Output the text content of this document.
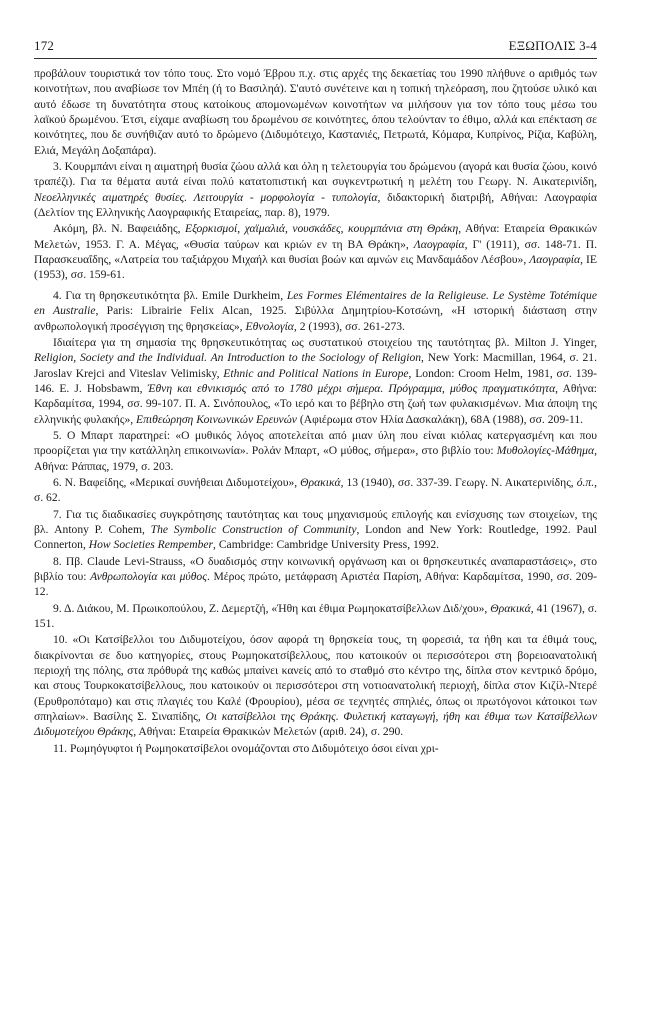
172	ΕΞΩΠΟΛΙΣ 3-4

προβάλουν τουριστικά τον τόπο τους. Στο νομό Έβρου π.χ. στις αρχές της δεκαετίας του 1990 πλήθυνε ο αριθμός των κοινοτήτων, που αναβίωσε τον Μπέη (ή το Βασιληά). Σ'αυτό συνέτεινε και η τοπική τηλεόραση, που ζητούσε υλικό και αυτό έδωσε τη δυνατότητα στους κατοίκους απομονωμένων κοινοτήτων να μιλήσουν για τον τόπο τους μέσω του λαϊκού δρωμένου. Έτσι, είχαμε αναβίωση του δρωμένου σε κοινότητες, όπου τελούνταν το έθιμο, αλλά και επέκταση σε κοινότητες, που δε συνήθιζαν αυτό το δρώμενο (Διδυμότειχο, Καστανιές, Πετρωτά, Κόμαρα, Κυπρίνος, Ρίζια, Καβύλη, Ελιά, Μεγάλη Δοξαπάρα).

3. Κουρμπάνι είναι η αιματηρή θυσία ζώου αλλά και όλη η τελετουργία του δρώμενου (αγορά και θυσία ζώου, κοινό τραπέζι). Για τα θέματα αυτά είναι πολύ κατατοπιστική και συγκεντρωτική η μελέτη του Γεωργ. Ν. Αικατερινίδη, Νεοελληνικές αιματηρές θυσίες. Λειτουργία - μορφολογία - τυπολογία, διδακτορική διατριβή, Αθήναι: Λαογραφία (Δελτίον της Ελληνικής Λαογραφικής Εταιρείας, παρ. 8), 1979.

Ακόμη, βλ. Ν. Βαφειάδης, Εξορκισμοί, χαϊμαλιά, νουσκάδες, κουρμπάνια στη Θράκη, Αθήνα: Εταιρεία Θρακικών Μελετών, 1953. Γ. Α. Μέγας, «Θυσία ταύρων και κριών εν τη ΒΑ Θράκη», Λαογραφία, Γ' (1911), σσ. 148-71. Π. Παρασκευαΐδης, «Λατρεία του ταξιάρχου Μιχαήλ και θυσίαι βοών και αμνών εις Μανδαμάδον Λέσβου», Λαογραφία, ΙΕ (1953), σσ. 159-61.

4. Για τη θρησκευτικότητα βλ. Emile Durkheim, Les Formes Elémentaires de la Religieuse. Le Système Totémique en Australie, Paris: Librairie Felix Alcan, 1925. Σιβύλλα Δημητρίου-Κοτσώνη, «Η ιστορική διάσταση στην ανθρωπολογική προσέγγιση της θρησκείας», Εθνολογία, 2 (1993), σσ. 261-273.

Ιδιαίτερα για τη σημασία της θρησκευτικότητας ως συστατικού στοιχείου της ταυτότητας βλ. Milton J. Yinger, Religion, Society and the Individual. An Introduction to the Sociology of Religion, New York: Macmillan, 1964, σ. 21. Jaroslav Krejci and Viteslav Velimisky, Ethnic and Political Nations in Europe, London: Croom Helm, 1981, σσ. 139-146. E. J. Hobsbawm, Έθνη και εθνικισμός από το 1780 μέχρι σήμερα. Πρόγραμμα, μύθος πραγματικότητα, Αθήνα: Καρδαμίτσα, 1994, σσ. 99-107. Π. Α. Σινόπουλος, «Το ιερό και το βέβηλο στη ζωή των φυλακισμένων. Μια άποψη της ελληνικής φυλακής», Επιθεώρηση Κοινωνικών Ερευνών (Αφιέρωμα στον Ηλία Δασκαλάκη), 68Α (1988), σσ. 209-11.

5. Ο Μπαρτ παρατηρεί: «Ο μυθικός λόγος αποτελείται από μιαν ύλη που είναι κιόλας κατεργασμένη και που προορίζεται για την κατάλληλη επικοινωνία». Ρολάν Μπαρτ, «Ο μύθος, σήμερα», στο βιβλίο του: Μυθολογίες-Μάθημα, Αθήνα: Ράππας, 1979, σ. 203.

6. Ν. Βαφείδης, «Μερικαί συνήθειαι Διδυμοτείχου», Θρακικά, 13 (1940), σσ. 337-39. Γεωργ. Ν. Αικατερινίδης, ό.π., σ. 62.

7. Για τις διαδικασίες συγκρότησης ταυτότητας και τους μηχανισμούς επιλογής και ενίσχυσης των στοιχείων, της βλ. Antony P. Cohem, The Symbolic Construction of Community, London and New York: Routledge, 1992. Paul Connerton, How Societies Rempember, Cambridge: Cambridge University Press, 1992.

8. Πβ. Claude Levi-Strauss, «Ο δυαδισμός στην κοινωνική οργάνωση και οι θρησκευτικές αναπαραστάσεις», στο βιβλίο του: Ανθρωπολογία και μύθος. Μέρος πρώτο, μετάφραση Αριστέα Παρίση, Αθήνα: Καρδαμίτσα, 1990, σσ. 209-12.

9. Δ. Διάκου, Μ. Πρωικοπούλου, Ζ. Δεμερτζή, «Ήθη και έθιμα Ρωμηοκατσίβελλων Διδ/χου», Θρακικά, 41 (1967), σ. 151.

10. «Οι Κατσίβελλοι του Διδυμοτείχου, όσον αφορά τη θρησκεία τους, τη φορεσιά, τα ήθη και τα έθιμά τους, διακρίνονται σε δυο κατηγορίες, στους Ρωμηοκατσίβελλους, που κατοικούν οι περισσότεροι στη βορειοανατολική περιοχή της πόλης, στα πρόθυρά της καθώς μπαίνει κανείς από το σταθμό στο κέντρο της, δίπλα στον κεντρικό δρόμο, και στους Τουρκοκατσίβελλους, που κατοικούν οι περισσότεροι στη νοτιοανατολική περιοχή, δίπλα στον Κιζίλ-Ντερέ (Ερυθροπόταμο) και στις πλαγιές του Καλέ (Φρουρίου), μέσα σε τεχνητές σπηλιές, όπως οι πρωτόγονοι κάτοικοι των σπηλαίων». Βασίλης Σ. Σιναπίδης, Οι κατσίβελλοι της Θράκης. Φυλετική καταγωγή, ήθη και έθιμα των Κατσίβελλων Διδυμοτείχου Θράκης, Αθήναι: Εταιρεία Θρακικών Μελετών (αριθ. 24), σ. 290.

11. Ρωμηόγυφτοι ή Ρωμηοκατσίβελοι ονομάζονται στο Διδυμότειχο όσοι είναι χρι-
